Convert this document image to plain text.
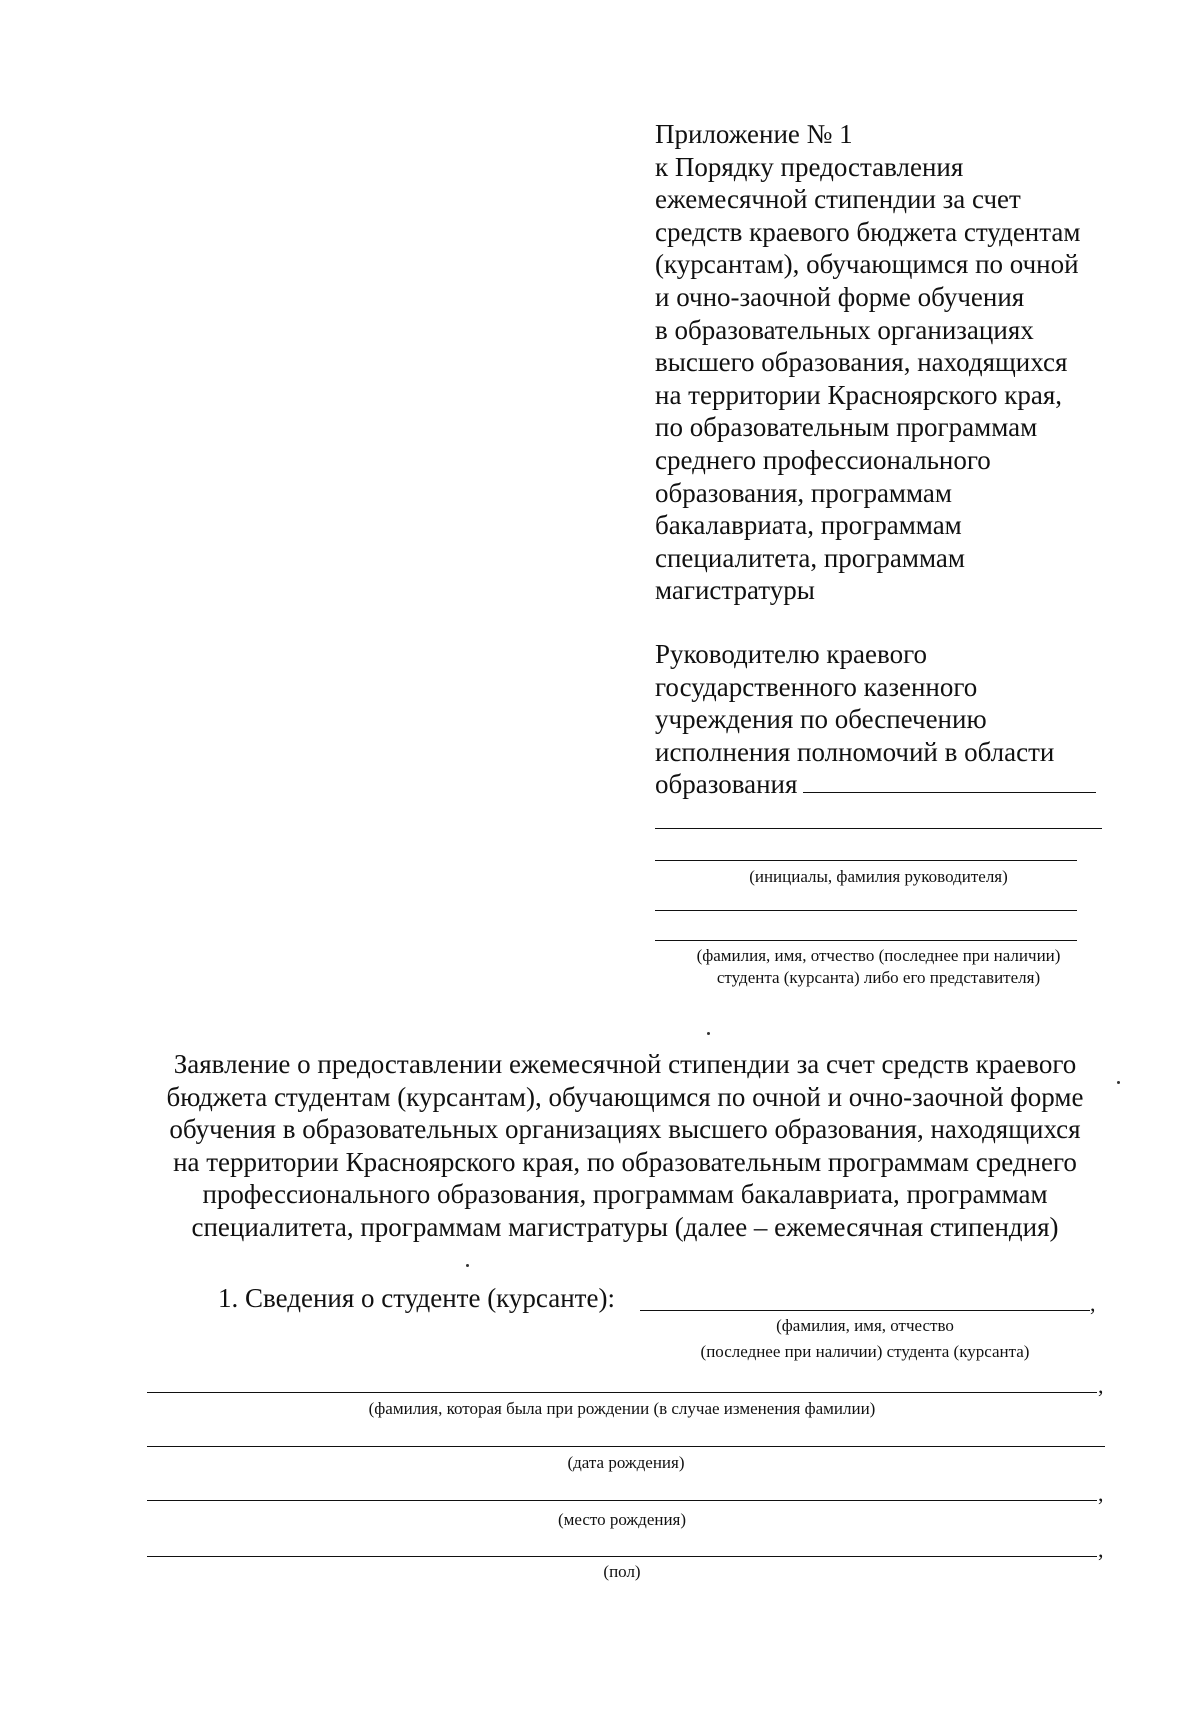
Приложение № 1
к Порядку предоставления
ежемесячной стипендии за счет
средств краевого бюджета студентам
(курсантам), обучающимся по очной
и очно-заочной форме обучения
в образовательных организациях
высшего образования, находящихся
на территории Красноярского края,
по образовательным программам
среднего профессионального
образования, программам
бакалавриата, программам
специалитета, программам
магистратуры
Руководителю краевого
государственного казенного
учреждения по обеспечению
исполнения полномочий в области
образования
(инициалы, фамилия руководителя)
(фамилия, имя, отчество (последнее при наличии)
студента (курсанта) либо его представителя)
Заявление о предоставлении ежемесячной стипендии за счет средств краевого
бюджета студентам (курсантам), обучающимся по очной и очно-заочной форме
обучения в образовательных организациях высшего образования, находящихся
на территории Красноярского края, по образовательным программам среднего
профессионального образования, программам бакалавриата, программам
специалитета, программам магистратуры (далее – ежемесячная стипендия)
1. Сведения о студенте (курсанте):	,
(фамилия, имя, отчество
(последнее при наличии) студента (курсанта)
,
(фамилия, которая была при рождении (в случае изменения фамилии)
(дата рождения)
,
(место рождения)
,
(пол)
